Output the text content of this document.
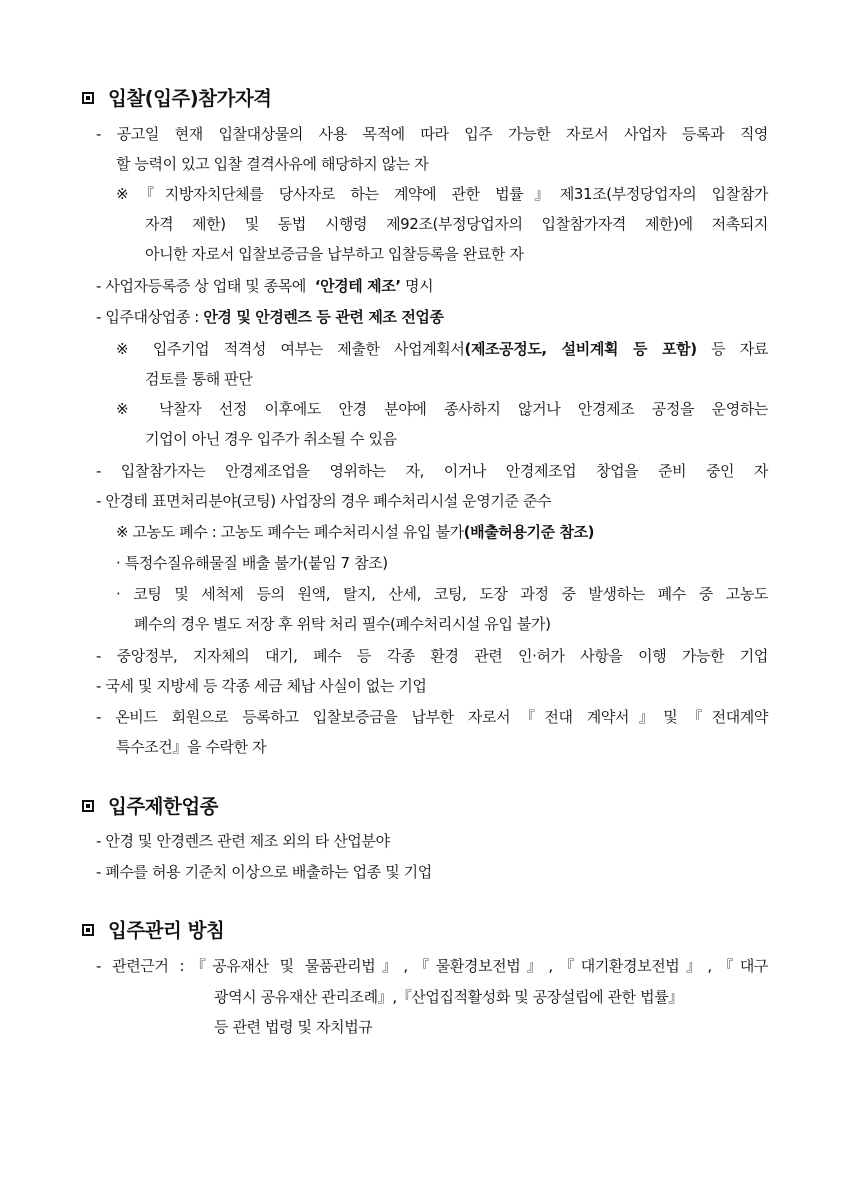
입찰(입주)참가자격
- 공고일 현재 입찰대상물의 사용 목적에 따라 입주 가능한 자로서 사업자 등록과 직영
할 능력이 있고 입찰 결격사유에 해당하지 않는 자
※『지방자치단체를 당사자로 하는 계약에 관한 법률』제31조(부정당업자의 입찰참가
자격 제한) 및 동법 시행령 제92조(부정당업자의 입찰참가자격 제한)에 저촉되지
아니한 자로서 입찰보증금을 납부하고 입찰등록을 완료한 자
- 사업자등록증 상 업태 및 종목에 ‘안경테 제조’ 명시
- 입주대상업종 : 안경 및 안경렌즈 등 관련 제조 전업종
※ 입주기업 적격성 여부는 제출한 사업계획서(제조공정도, 설비계획 등 포함) 등 자료
검토를 통해 판단
※ 낙찰자 선정 이후에도 안경 분야에 종사하지 않거나 안경제조 공정을 운영하는
기업이 아닌 경우 입주가 취소될 수 있음
- 입찰참가자는 안경제조업을 영위하는 자, 이거나 안경제조업 창업을 준비 중인 자
- 안경테 표면처리분야(코팅) 사업장의 경우 폐수처리시설 운영기준 준수
※ 고농도 폐수 : 고농도 폐수는 폐수처리시설 유입 불가(배출허용기준 참조)
· 특정수질유해물질 배출 불가(붙임 7 참조)
· 코팅 및 세척제 등의 원액, 탈지, 산세, 코팅, 도장 과정 중 발생하는 폐수 중 고농도
폐수의 경우 별도 저장 후 위탁 처리 필수(폐수처리시설 유입 불가)
- 중앙정부, 지자체의 대기, 폐수 등 각종 환경 관련 인·허가 사항을 이행 가능한 기업
- 국세 및 지방세 등 각종 세금 체납 사실이 없는 기업
- 온비드 회원으로 등록하고 입찰보증금을 납부한 자로서『전대 계약서』및『전대계약
특수조건』을 수락한 자
입주제한업종
- 안경 및 안경렌즈 관련 제조 외의 타 산업분야
- 폐수를 허용 기준치 이상으로 배출하는 업종 및 기업
입주관리 방침
- 관련근거 :『공유재산 및 물품관리법』,『물환경보전법』,『대기환경보전법』,『대구
광역시 공유재산 관리조례』,『산업집적활성화 및 공장설립에 관한 법률』
등 관련 법령 및 자치법규
